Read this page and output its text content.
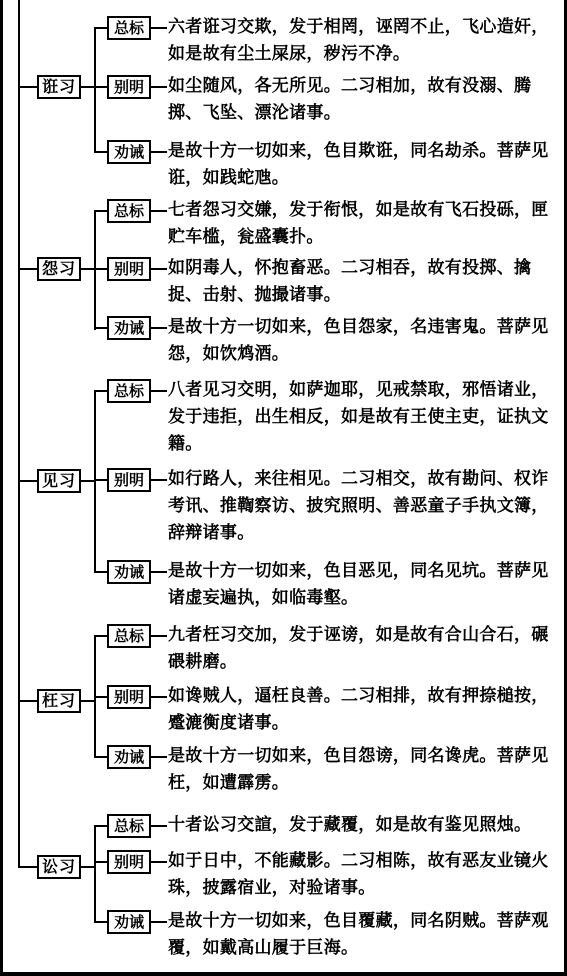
诳习
总标	六者诳习交欺，发于相罔，诬罔不止，飞心造奸，如是故有尘土屎尿，秽污不净。
别明	如尘随风，各无所见。二习相加，故有没溺、腾掷、飞坠、漂沦诸事。
劝诫	是故十方一切如来，色目欺诳，同名劫杀。菩萨见诳，如践蛇虺。
怨习
总标	七者怨习交嫌，发于衔恨，如是故有飞石投砾，匣贮车槛，瓮盛囊扑。
别明	如阴毒人，怀抱畜恶。二习相吞，故有投掷、擒捉、击射、抛撮诸事。
劝诫	是故十方一切如来，色目怨家，名违害鬼。菩萨见怨，如饮鸩酒。
见习
总标	八者见习交明，如萨迦耶，见戒禁取，邪悟诸业，发于违拒，出生相反，如是故有王使主吏，证执文籍。
别明	如行路人，来往相见。二习相交，故有勘问、权诈考讯、推鞫察访、披究照明、善恶童子手执文簿，辞辩诸事。
劝诫	是故十方一切如来，色目恶见，同名见坑。菩萨见诸虚妄遍执，如临毒壑。
枉习
总标	九者枉习交加，发于诬谤，如是故有合山合石，碾碨耕磨。
别明	如谗贼人，逼枉良善。二习相排，故有押捺槌按，蹙漉衡度诸事。
劝诫	是故十方一切如来，色目怨谤，同名谗虎。菩萨见枉，如遭霹雳。
讼习
总标	十者讼习交諠，发于藏覆，如是故有鉴见照烛。
别明	如于日中，不能藏影。二习相陈，故有恶友业镜火珠，披露宿业，对验诸事。
劝诫	是故十方一切如来，色目覆藏，同名阴贼。菩萨观覆，如戴高山履于巨海。
